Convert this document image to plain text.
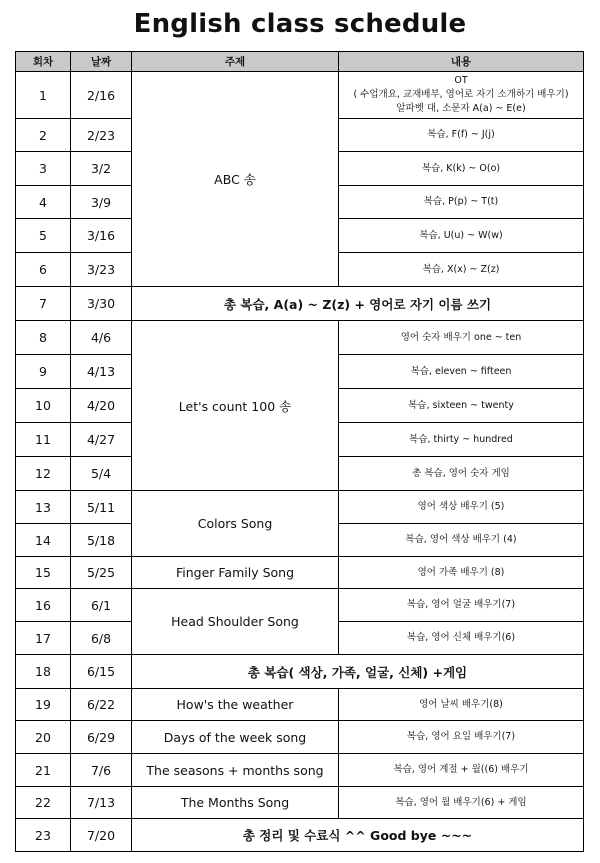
English class schedule
회차	날짜	주제	내용
1	2/16	ABC 송	OT
( 수업개요, 교재배부, 영어로 자기 소개하기 배우기)
알파벳 대, 소문자 A(a) ~ E(e)

2	2/23		복습, F(f) ~ J(j)
3	3/2		복습, K(k) ~ O(o)
4	3/9		복습, P(p) ~ T(t)
5	3/16		복습, U(u) ~ W(w)
6	3/23		복습, X(x) ~ Z(z)
7	3/30	총 복습, A(a) ~ Z(z) + 영어로 자기 이름 쓰기	
8	4/6	Let's count 100 송	영어 숫자 배우기 one ~ ten
9	4/13		복습, eleven ~ fifteen
10	4/20		복습, sixteen ~ twenty
11	4/27		복습, thirty ~ hundred
12	5/4		총 복습, 영어 숫자 게임
13	5/11	Colors Song	영어 색상 배우기 (5)
14	5/18		복습, 영어 색상 배우기 (4)
15	5/25	Finger Family Song	영어 가족 배우기 (8)
16	6/1	Head Shoulder Song	복습, 영어 얼굴 배우기(7)
17	6/8		복습, 영어 신체 배우기(6)
18	6/15	총 복습( 색상, 가족, 얼굴, 신체) +게임	
19	6/22	How's the weather	영어 날씨 배우기(8)
20	6/29	Days of the week song	복습, 영어 요일 배우기(7)
21	7/6	The seasons + months song	복습, 영어 계절 + 월((6) 배우기
22	7/13	The Months Song	복습, 영어 월 배우기(6) + 게임
23	7/20	총 정리 및 수료식 ^^ Good bye ~~~	
